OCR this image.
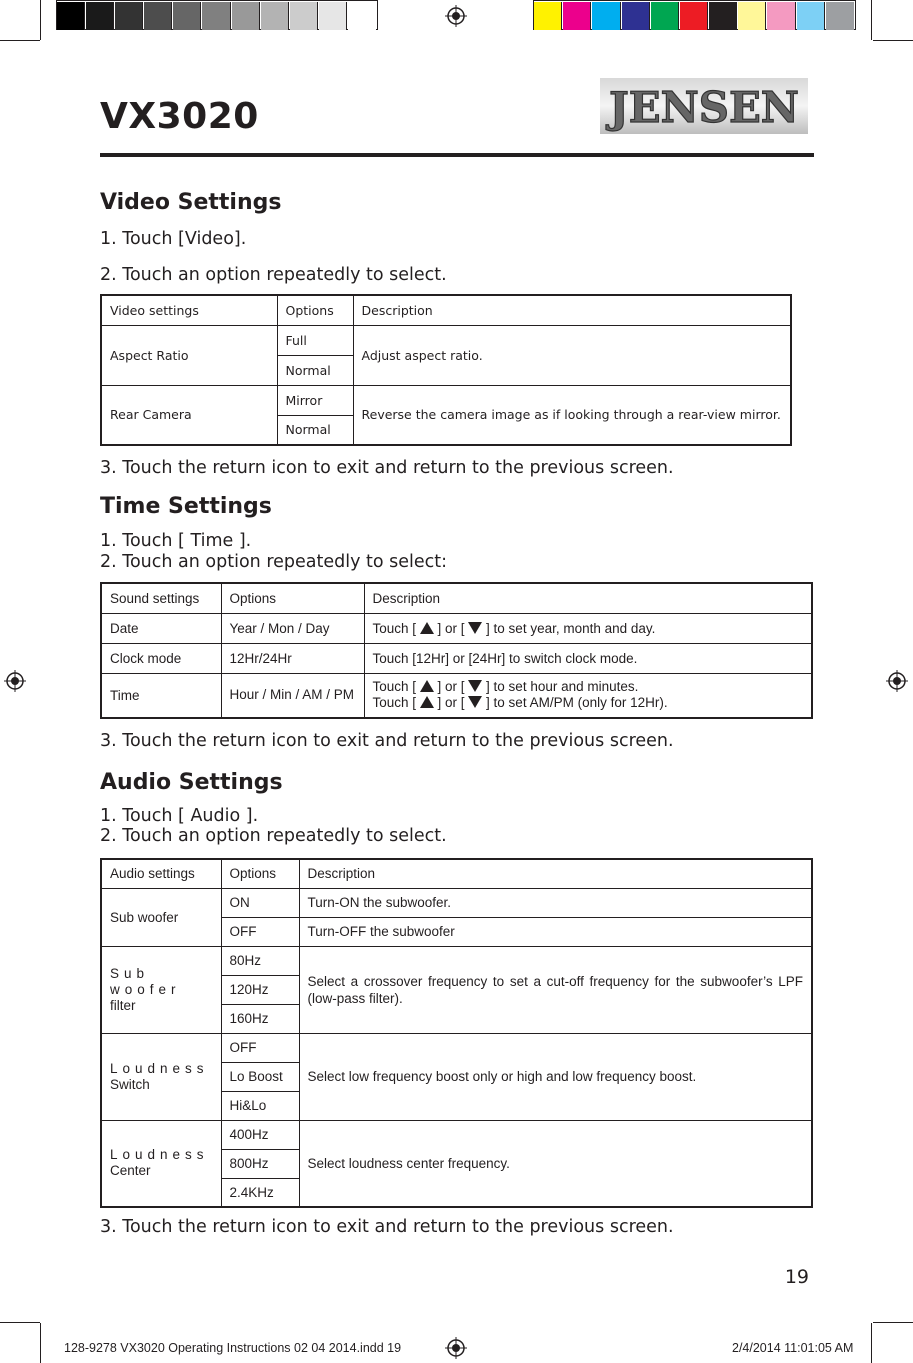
VX3020	JENSEN
Video Settings

1. Touch [Video].

2. Touch an option repeatedly to select.

Video settings	Options	Description
Aspect Ratio	Full	Adjust aspect ratio.
	Normal	
Rear Camera	Mirror	Reverse the camera image as if looking through a rear-view mirror.
	Normal	

3. Touch the return icon to exit and return to the previous screen.

Time Settings

1. Touch [ Time ].

2. Touch an option repeatedly to select:

Sound settings	Options	Description
Date	Year / Mon / Day	Touch [  ] or [  ] to set year, month and day.
Clock mode	12Hr/24Hr	Touch [12Hr] or [24Hr] to switch clock mode.
Time	Hour / Min / AM / PM	Touch [  ] or [  ] to set hour and minutes.
Touch [  ] or [  ] to set AM/PM (only for 12Hr).

3. Touch the return icon to exit and return to the previous screen.

Audio Settings

1. Touch [ Audio ].

2. Touch an option repeatedly to select.

Audio settings	Options	Description
Sub woofer	ON	Turn-ON the subwoofer.
	OFF	Turn-OFF the subwoofer

Sub woofer
filter	80Hz	Select a crossover frequency to set a cut-off frequency for the subwoofer’s LPF (low-pass filter).
	120Hz	
	160Hz	

Loudness
Switch	OFF	Select low frequency boost only or high and low frequency boost.
	Lo Boost	
	Hi&Lo	

Loudness
Center	400Hz	Select loudness center frequency.
	800Hz	
	2.4KHz	

3. Touch the return icon to exit and return to the previous screen.

19
128-9278 VX3020 Operating Instructions 02 04 2014.indd 19	2/4/2014 11:01:05 AM
